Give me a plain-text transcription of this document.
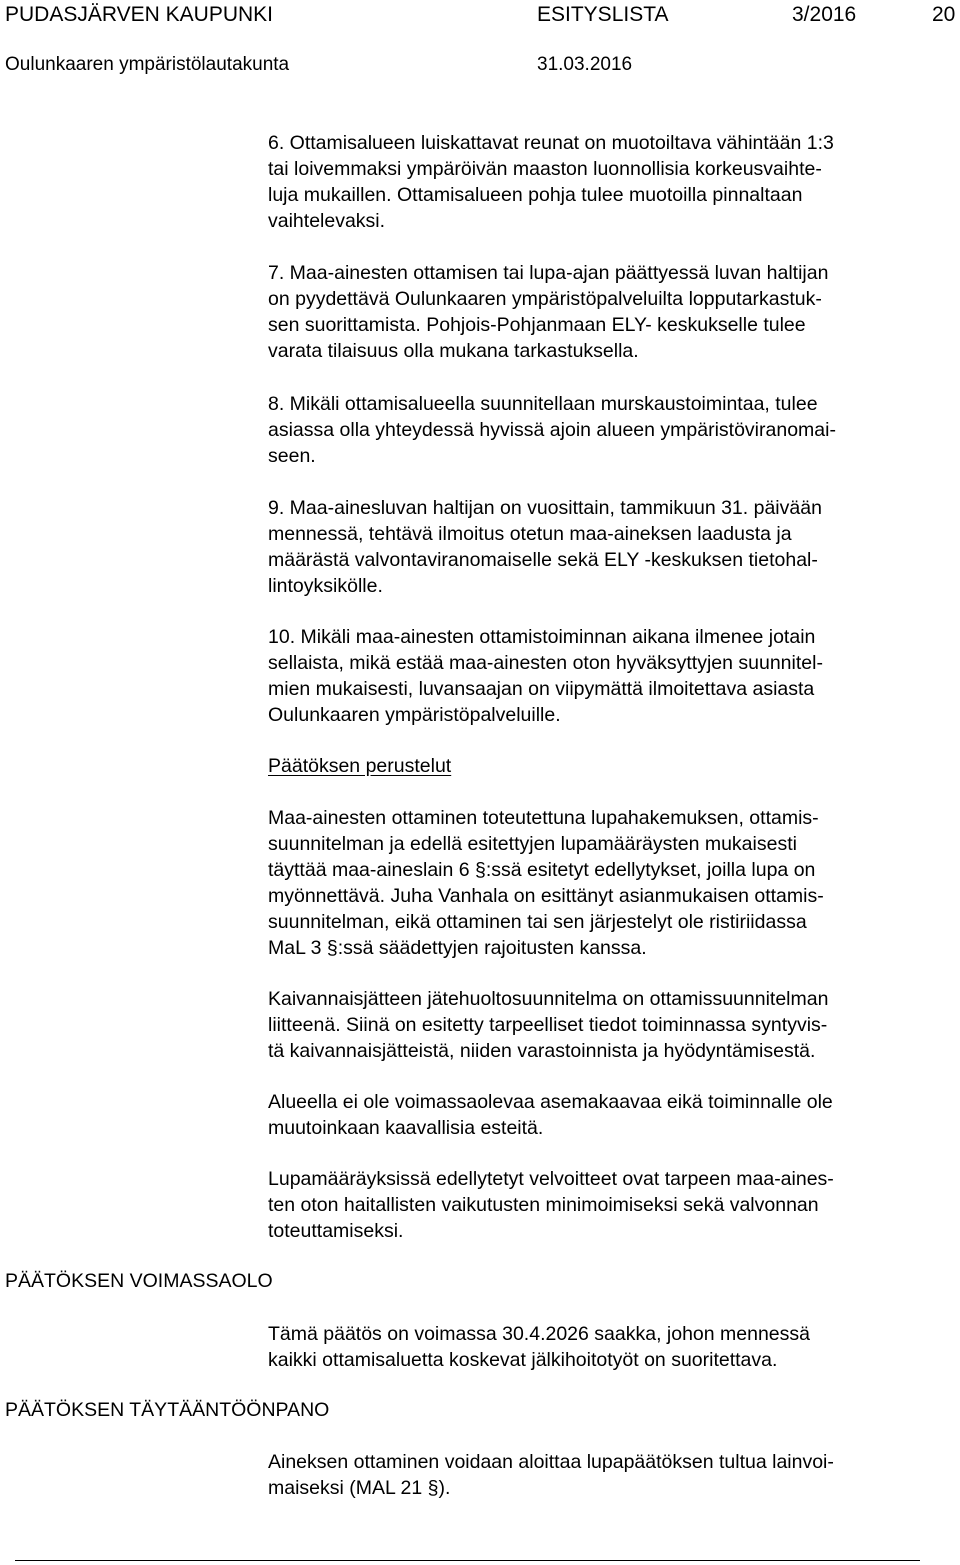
PUDASJÄRVEN KAUPUNKI	ESITYSLISTA	3/2016	20
Oulunkaaren ympäristölautakunta	31.03.2016

6. Ottamisalueen luiskattavat reunat on muotoiltava vähintään 1:3
tai loivemmaksi ympäröivän maaston luonnollisia korkeusvaihte-
luja mukaillen. Ottamisalueen pohja tulee muotoilla pinnaltaan
vaihtelevaksi.

7. Maa-ainesten ottamisen tai lupa-ajan päättyessä luvan haltijan
on pyydettävä Oulunkaaren ympäristöpalveluilta lopputarkastuk-
sen suorittamista. Pohjois-Pohjanmaan ELY- keskukselle tulee
varata tilaisuus olla mukana tarkastuksella.

8. Mikäli ottamisalueella suunnitellaan murskaustoimintaa, tulee
asiassa olla yhteydessä hyvissä ajoin alueen ympäristöviranomai-
seen.

9. Maa-ainesluvan haltijan on vuosittain, tammikuun 31. päivään
mennessä, tehtävä ilmoitus otetun maa-aineksen laadusta ja
määrästä valvontaviranomaiselle sekä ELY -keskuksen tietohal-
lintoyksikölle.

10. Mikäli maa-ainesten ottamistoiminnan aikana ilmenee jotain
sellaista, mikä estää maa-ainesten oton hyväksyttyjen suunnitel-
mien mukaisesti, luvansaajan on viipymättä ilmoitettava asiasta
Oulunkaaren ympäristöpalveluille.

Päätöksen perustelut

Maa-ainesten ottaminen toteutettuna lupahakemuksen, ottamis-
suunnitelman ja edellä esitettyjen lupamääräysten mukaisesti
täyttää maa-aineslain 6 §:ssä esitetyt edellytykset, joilla lupa on
myönnettävä. Juha Vanhala on esittänyt asianmukaisen ottamis-
suunnitelman, eikä ottaminen tai sen järjestelyt ole ristiriidassa
MaL 3 §:ssä säädettyjen rajoitusten kanssa.

Kaivannaisjätteen jätehuoltosuunnitelma on ottamissuunnitelman
liitteenä. Siinä on esitetty tarpeelliset tiedot toiminnassa syntyvis-
tä kaivannaisjätteistä, niiden varastoinnista ja hyödyntämisestä.

Alueella ei ole voimassaolevaa asemakaavaa eikä toiminnalle ole
muutoinkaan kaavallisia esteitä.

Lupamääräyksissä edellytetyt velvoitteet ovat tarpeen maa-aines-
ten oton haitallisten vaikutusten minimoimiseksi sekä valvonnan
toteuttamiseksi.

PÄÄTÖKSEN VOIMASSAOLO
PÄÄTÖKSEN TÄYTÄÄNTÖÖNPANO

Tämä päätös on voimassa 30.4.2026 saakka, johon mennessä
kaikki ottamisaluetta koskevat jälkihoitotyöt on suoritettava.

Aineksen ottaminen voidaan aloittaa lupapäätöksen tultua lainvoi-
maiseksi (MAL 21 §).
